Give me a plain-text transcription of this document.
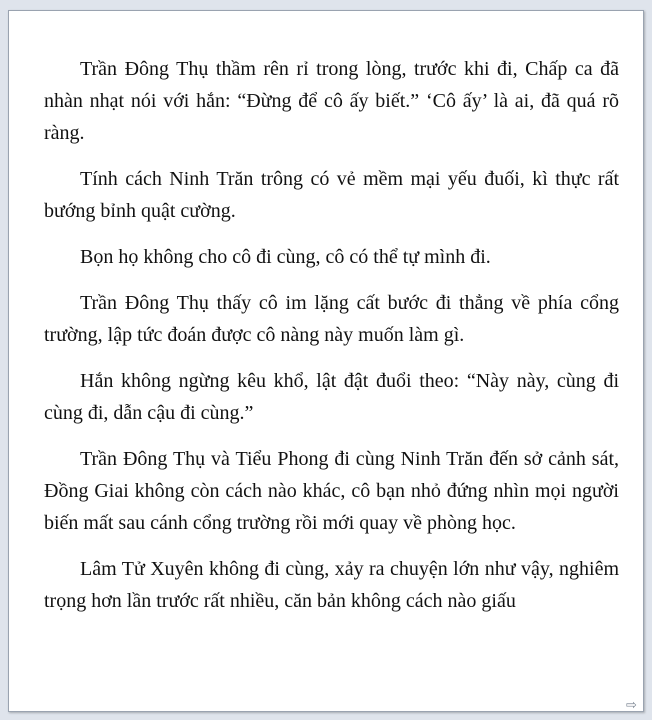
Trần Đông Thụ thầm rên rỉ trong lòng, trước khi đi, Chấp ca đã nhàn nhạt nói với hắn: “Đừng để cô ấy biết.” ‘Cô ấy’ là ai, đã quá rõ ràng.

Tính cách Ninh Trăn trông có vẻ mềm mại yếu đuối, kì thực rất bướng bỉnh quật cường.

Bọn họ không cho cô đi cùng, cô có thể tự mình đi.

Trần Đông Thụ thấy cô im lặng cất bước đi thẳng về phía cổng trường, lập tức đoán được cô nàng này muốn làm gì.

Hắn không ngừng kêu khổ, lật đật đuổi theo: “Này này, cùng đi cùng đi, dẫn cậu đi cùng.”

Trần Đông Thụ và Tiểu Phong đi cùng Ninh Trăn đến sở cảnh sát, Đồng Giai không còn cách nào khác, cô bạn nhỏ đứng nhìn mọi người biến mất sau cánh cổng trường rồi mới quay về phòng học.

Lâm Tử Xuyên không đi cùng, xảy ra chuyện lớn như vậy, nghiêm trọng hơn lần trước rất nhiều, căn bản không cách nào giấu

⇨
